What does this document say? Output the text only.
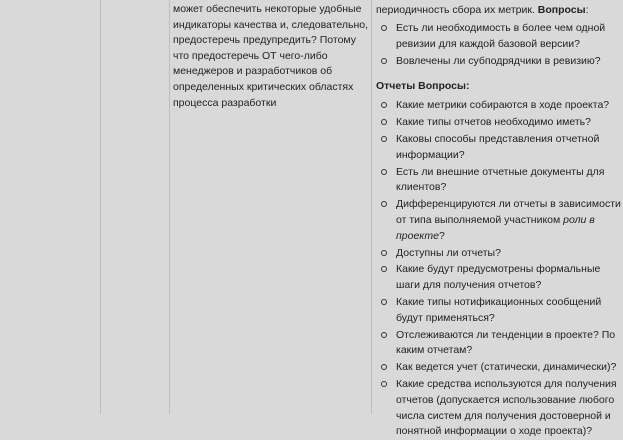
может обеспечить некоторые удобные индикаторы качества и, следовательно, предостеречь предупредить? Потому что предостеречь ОТ чего-либо менеджеров и разработчиков об определенных критических областях процесса разработки

периодичность сбора их метрик. Вопросы:

Есть ли необходимость в более чем одной ревизии для каждой базовой версии?
Вовлечены ли субподрядчики в ревизию?

Отчеты Вопросы:

Какие метрики собираются в ходе проекта?
Какие типы отчетов необходимо иметь?
Каковы способы представления отчетной информации?
Есть ли внешние отчетные документы для клиентов?
Дифференцируются ли отчеты в зависимости от типа выполняемой участником роли в проекте?
Доступны ли отчеты?
Какие будут предусмотрены формальные шаги для получения отчетов?
Какие типы нотификационных сообщений будут применяться?
Отслеживаются ли тенденции в проекте? По каким отчетам?
Как ведется учет (статически, динамически)?
Какие средства используются для получения отчетов (допускается использование любого числа систем для получения достоверной и понятной информации о ходе проекта)?
